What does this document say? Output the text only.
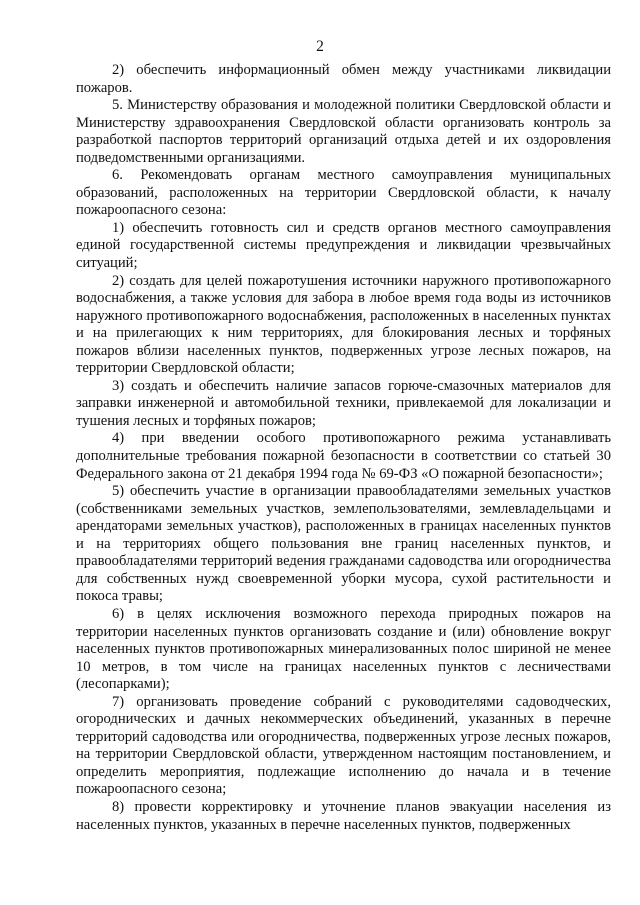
2

2) обеспечить информационный обмен между участниками ликвидации пожаров.

5. Министерству образования и молодежной политики Свердловской области и Министерству здравоохранения Свердловской области организовать контроль за разработкой паспортов территорий организаций отдыха детей и их оздоровления подведомственными организациями.

6. Рекомендовать органам местного самоуправления муниципальных образований, расположенных на территории Свердловской области, к началу пожароопасного сезона:

1) обеспечить готовность сил и средств органов местного самоуправления единой государственной системы предупреждения и ликвидации чрезвычайных ситуаций;

2) создать для целей пожаротушения источники наружного противопожарного водоснабжения, а также условия для забора в любое время года воды из источников наружного противопожарного водоснабжения, расположенных в населенных пунктах и на прилегающих к ним территориях, для блокирования лесных и торфяных пожаров вблизи населенных пунктов, подверженных угрозе лесных пожаров, на территории Свердловской области;

3) создать и обеспечить наличие запасов горюче-смазочных материалов для заправки инженерной и автомобильной техники, привлекаемой для локализации и тушения лесных и торфяных пожаров;

4) при введении особого противопожарного режима устанавливать дополнительные требования пожарной безопасности в соответствии со статьей 30 Федерального закона от 21 декабря 1994 года № 69-ФЗ «О пожарной безопасности»;

5) обеспечить участие в организации правообладателями земельных участков (собственниками земельных участков, землепользователями, землевладельцами и арендаторами земельных участков), расположенных в границах населенных пунктов и на территориях общего пользования вне границ населенных пунктов, и правообладателями территорий ведения гражданами садоводства или огородничества для собственных нужд своевременной уборки мусора, сухой растительности и покоса травы;

6) в целях исключения возможного перехода природных пожаров на территории населенных пунктов организовать создание и (или) обновление вокруг населенных пунктов противопожарных минерализованных полос шириной не менее 10 метров, в том числе на границах населенных пунктов с лесничествами (лесопарками);

7) организовать проведение собраний с руководителями садоводческих, огороднических и дачных некоммерческих объединений, указанных в перечне территорий садоводства или огородничества, подверженных угрозе лесных пожаров, на территории Свердловской области, утвержденном настоящим постановлением, и определить мероприятия, подлежащие исполнению до начала и в течение пожароопасного сезона;

8) провести корректировку и уточнение планов эвакуации населения из населенных пунктов, указанных в перечне населенных пунктов, подверженных
